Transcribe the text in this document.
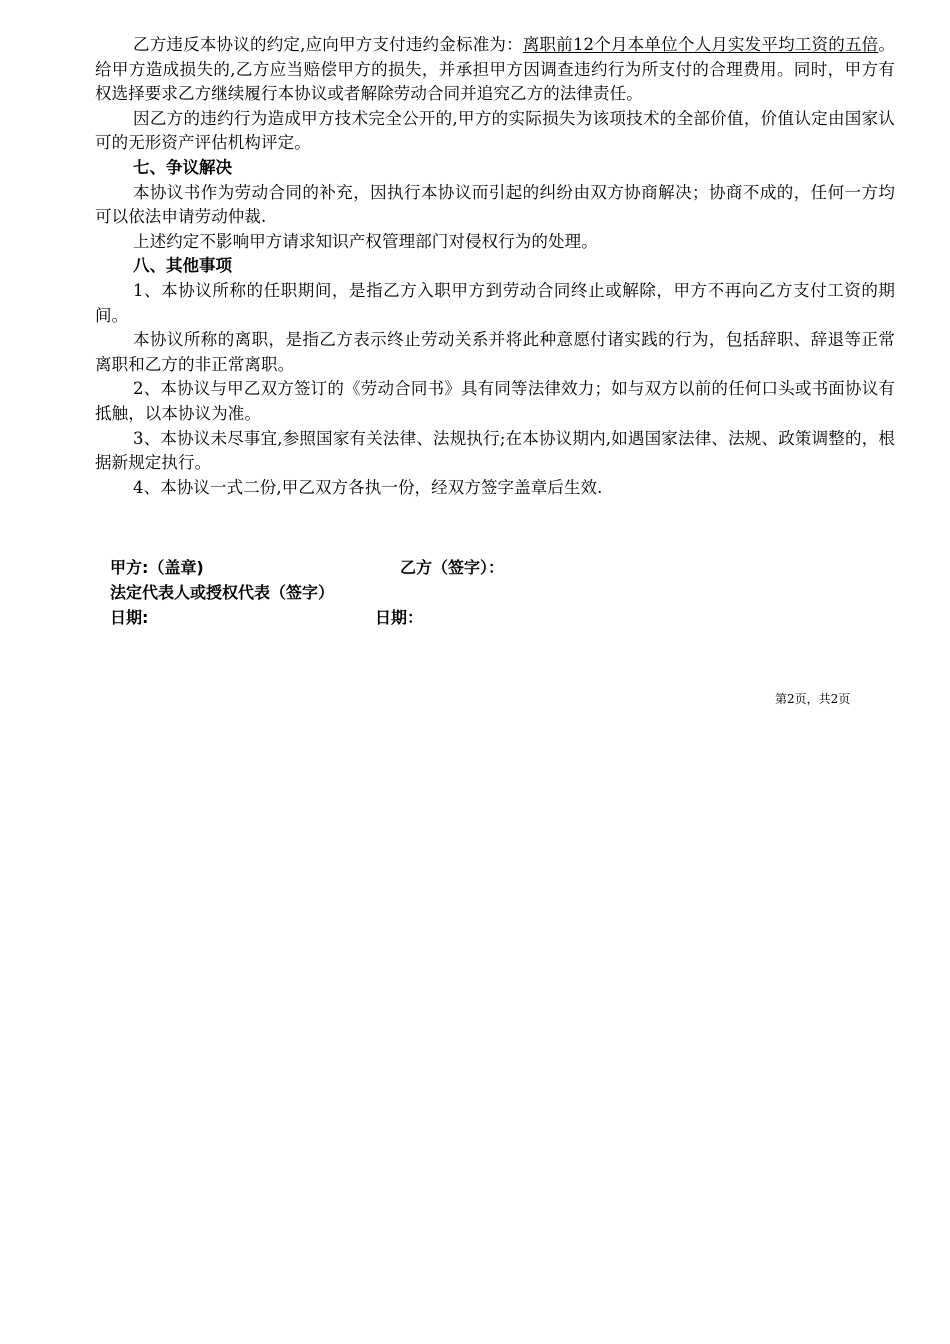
乙方违反本协议的约定,应向甲方支付违约金标准为：离职前12个月本单位个人月实发平均工资的五倍。给甲方造成损失的,乙方应当赔偿甲方的损失，并承担甲方因调查违约行为所支付的合理费用。同时，甲方有权选择要求乙方继续履行本协议或者解除劳动合同并追究乙方的法律责任。

因乙方的违约行为造成甲方技术完全公开的,甲方的实际损失为该项技术的全部价值，价值认定由国家认可的无形资产评估机构评定。

七、争议解决

本协议书作为劳动合同的补充，因执行本协议而引起的纠纷由双方协商解决；协商不成的，任何一方均可以依法申请劳动仲裁.

上述约定不影响甲方请求知识产权管理部门对侵权行为的处理。

八、其他事项

1、本协议所称的任职期间，是指乙方入职甲方到劳动合同终止或解除，甲方不再向乙方支付工资的期间。

本协议所称的离职，是指乙方表示终止劳动关系并将此种意愿付诸实践的行为，包括辞职、辞退等正常离职和乙方的非正常离职。

2、本协议与甲乙双方签订的《劳动合同书》具有同等法律效力；如与双方以前的任何口头或书面协议有抵触，以本协议为准。

3、本协议未尽事宜,参照国家有关法律、法规执行;在本协议期内,如遇国家法律、法规、政策调整的，根据新规定执行。

4、本协议一式二份,甲乙双方各执一份，经双方签字盖章后生效.

甲方:（盖章)	乙方（签字）：
法定代表人或授权代表（签字）
日期:	日期：
第2页，共2页
